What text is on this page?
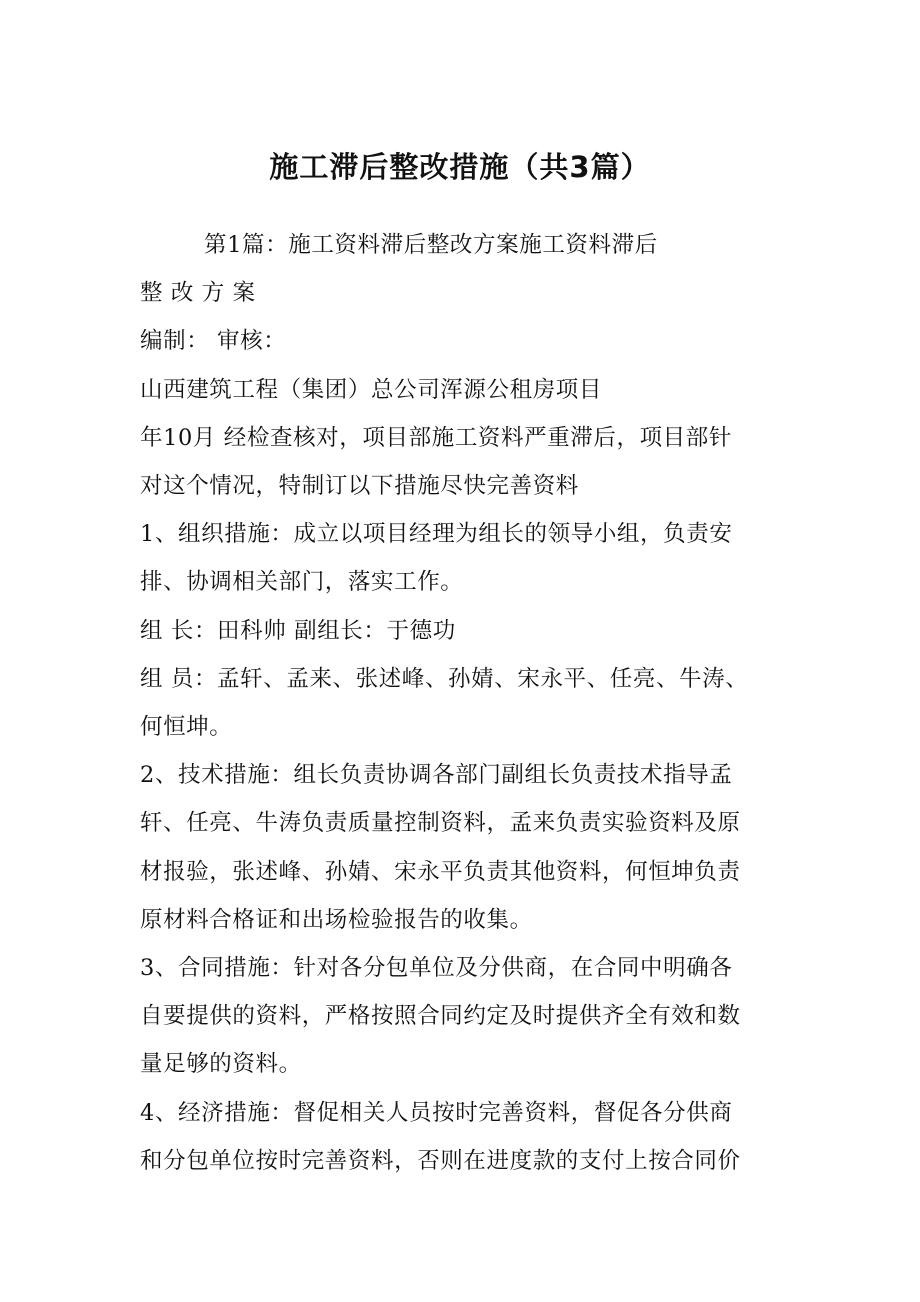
施工滞后整改措施（共3篇）

第1篇：施工资料滞后整改方案施工资料滞后

整 改 方 案

编制： 审核：

山西建筑工程（集团）总公司浑源公租房项目

年10月 经检查核对，项目部施工资料严重滞后，项目部针

对这个情况，特制订以下措施尽快完善资料

1、组织措施：成立以项目经理为组长的领导小组，负责安

排、协调相关部门，落实工作。

组 长：田科帅 副组长：于德功

组 员：孟轩、孟来、张述峰、孙婧、宋永平、任亮、牛涛、

何恒坤。

2、技术措施：组长负责协调各部门副组长负责技术指导孟

轩、任亮、牛涛负责质量控制资料，孟来负责实验资料及原

材报验，张述峰、孙婧、宋永平负责其他资料，何恒坤负责

原材料合格证和出场检验报告的收集。

3、合同措施：针对各分包单位及分供商，在合同中明确各

自要提供的资料，严格按照合同约定及时提供齐全有效和数

量足够的资料。

4、经济措施：督促相关人员按时完善资料，督促各分供商

和分包单位按时完善资料，否则在进度款的支付上按合同价
